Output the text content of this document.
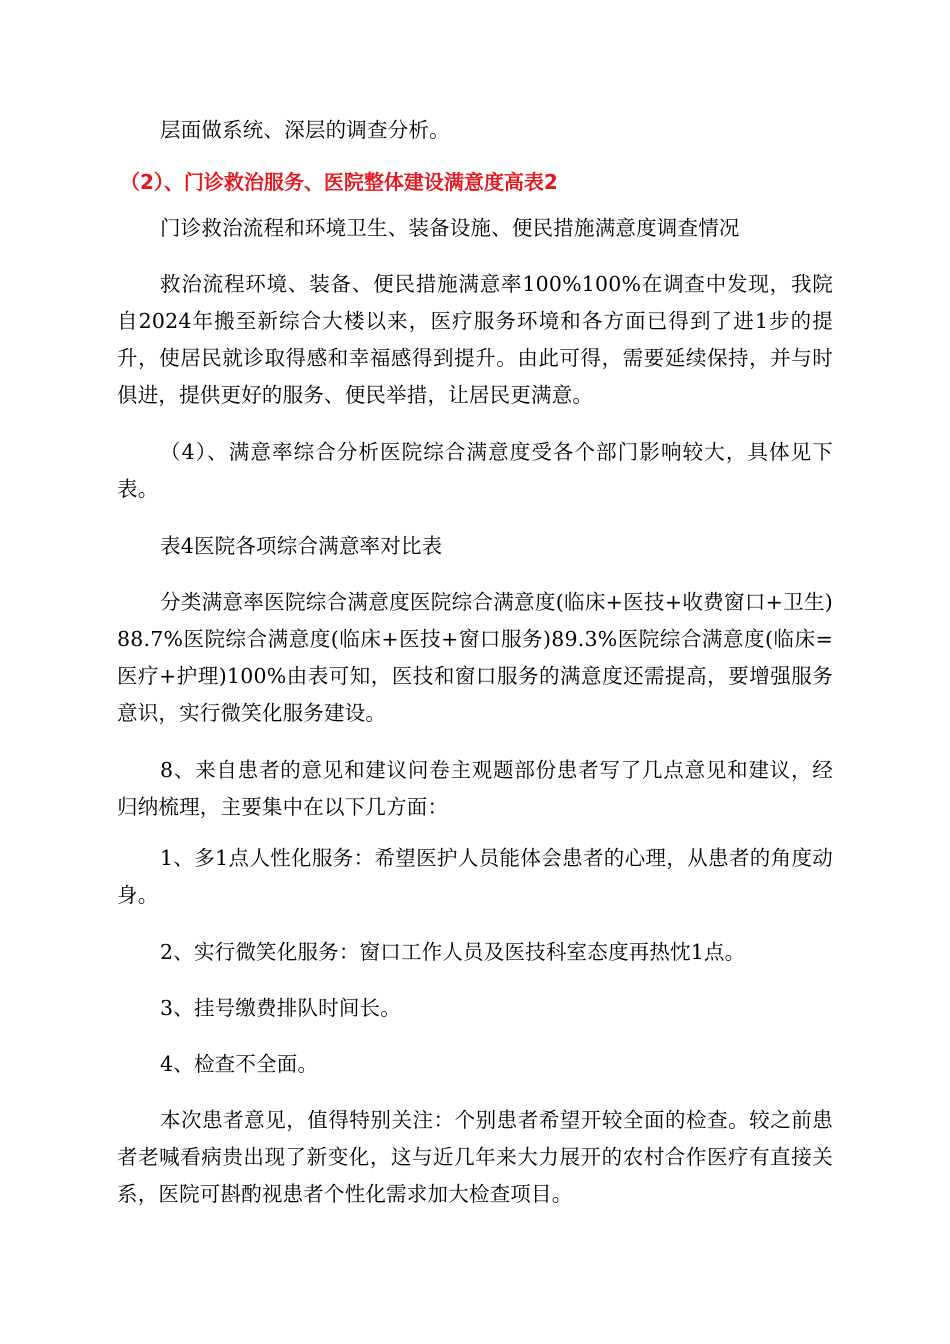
层面做系统、深层的调查分析。

（2）、门诊救治服务、医院整体建设满意度高表2

门诊救治流程和环境卫生、装备设施、便民措施满意度调查情况

救治流程环境、装备、便民措施满意率100%100%在调查中发现，我院自2024年搬至新综合大楼以来，医疗服务环境和各方面已得到了进1步的提升，使居民就诊取得感和幸福感得到提升。由此可得，需要延续保持，并与时俱进，提供更好的服务、便民举措，让居民更满意。

（4）、满意率综合分析医院综合满意度受各个部门影响较大，具体见下表。

表4医院各项综合满意率对比表

分类满意率医院综合满意度医院综合满意度(临床+医技+收费窗口+卫生)88.7%医院综合满意度(临床+医技+窗口服务)89.3%医院综合满意度(临床=医疗+护理)100%由表可知，医技和窗口服务的满意度还需提高，要增强服务意识，实行微笑化服务建设。

8、来自患者的意见和建议问卷主观题部份患者写了几点意见和建议，经归纳梳理，主要集中在以下几方面：

1、多1点人性化服务：希望医护人员能体会患者的心理，从患者的角度动身。

2、实行微笑化服务：窗口工作人员及医技科室态度再热忱1点。

3、挂号缴费排队时间长。

4、检查不全面。

本次患者意见，值得特别关注：个别患者希望开较全面的检查。较之前患者老喊看病贵出现了新变化，这与近几年来大力展开的农村合作医疗有直接关系，医院可斟酌视患者个性化需求加大检查项目。
